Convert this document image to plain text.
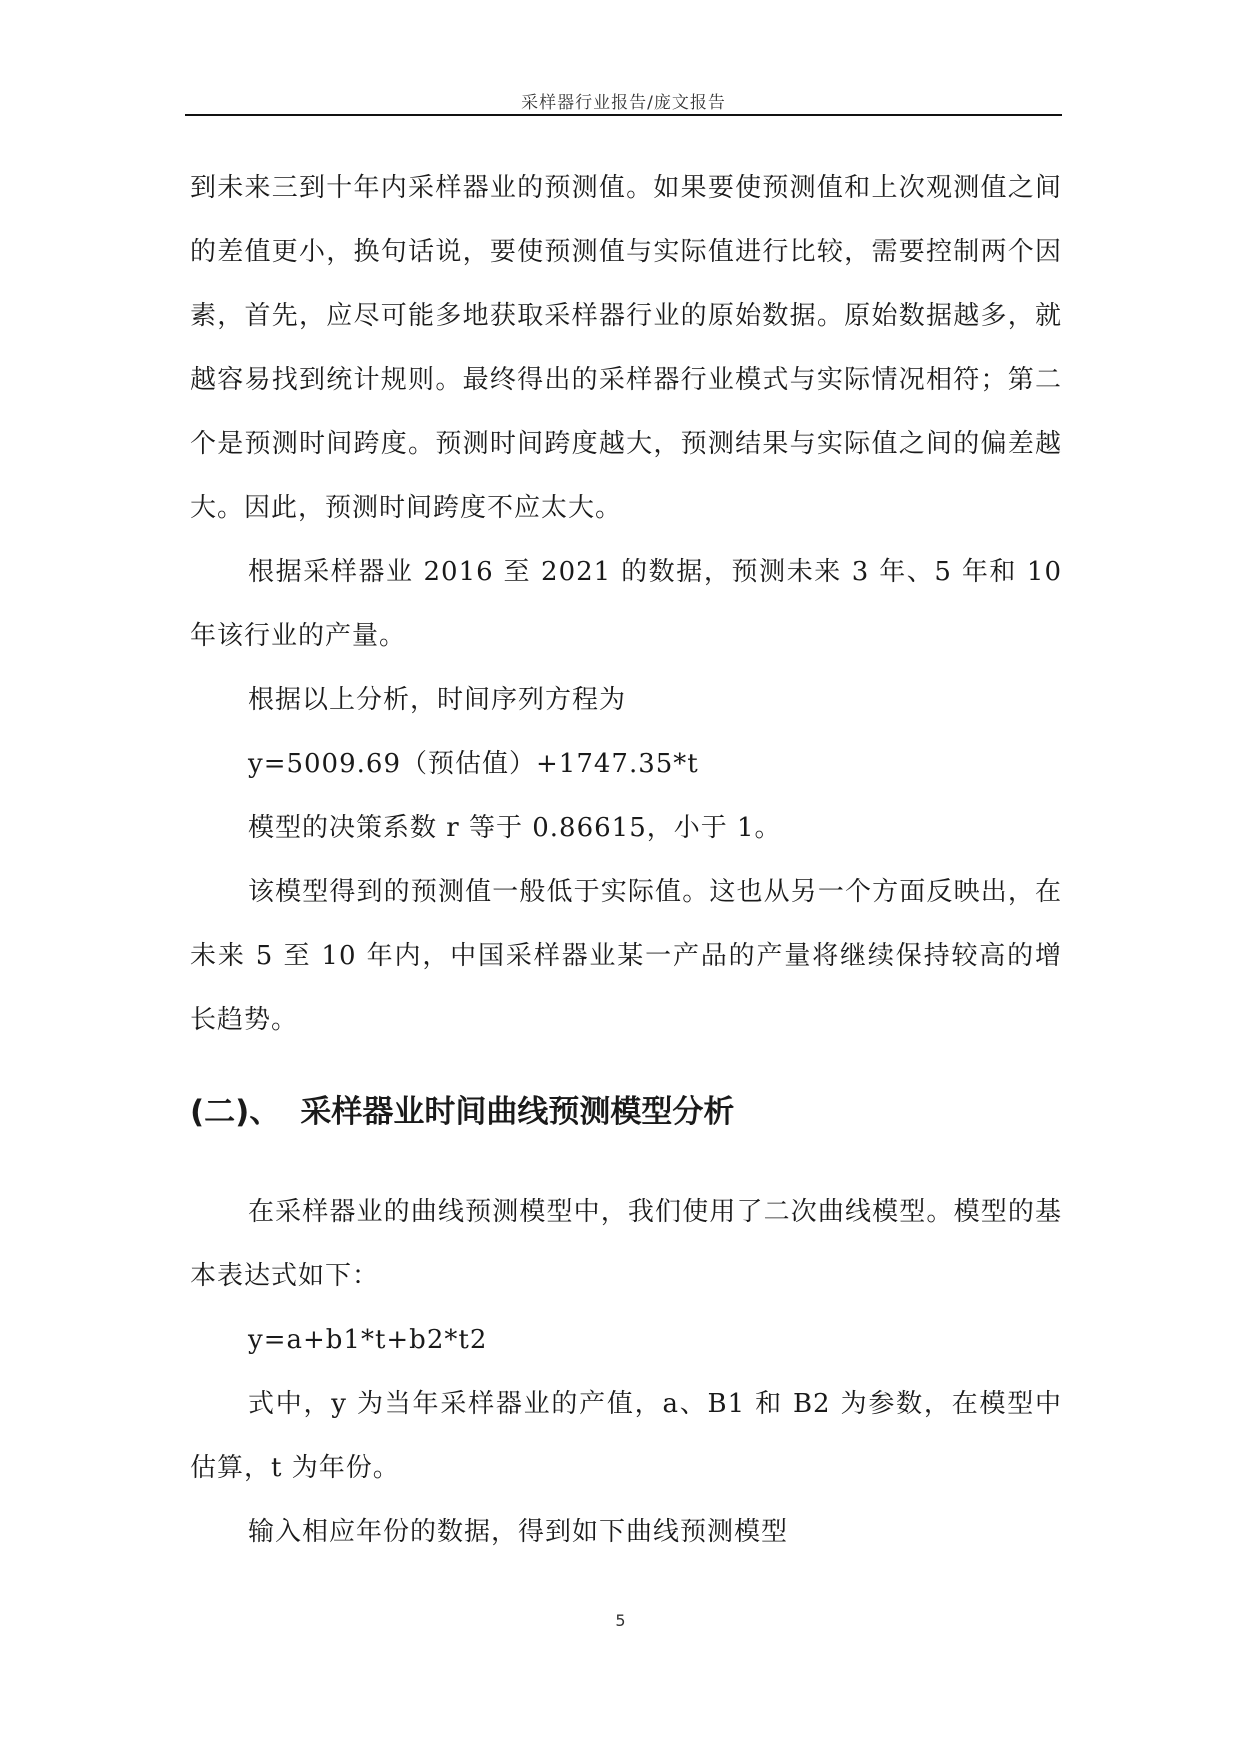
采样器行业报告/庞文报告

到未来三到十年内采样器业的预测值。如果要使预测值和上次观测值之间的差值更小，换句话说，要使预测值与实际值进行比较，需要控制两个因素，首先，应尽可能多地获取采样器行业的原始数据。原始数据越多，就越容易找到统计规则。最终得出的采样器行业模式与实际情况相符；第二个是预测时间跨度。预测时间跨度越大，预测结果与实际值之间的偏差越大。因此，预测时间跨度不应太大。

根据采样器业 2016 至 2021 的数据，预测未来 3 年、5 年和 10 年该行业的产量。

根据以上分析，时间序列方程为

y=5009.69（预估值）+1747.35*t

模型的决策系数 r 等于 0.86615，小于 1。

该模型得到的预测值一般低于实际值。这也从另一个方面反映出，在未来 5 至 10 年内，中国采样器业某一产品的产量将继续保持较高的增长趋势。

(二)、 采样器业时间曲线预测模型分析

在采样器业的曲线预测模型中，我们使用了二次曲线模型。模型的基本表达式如下：

y=a+b1*t+b2*t2

式中，y 为当年采样器业的产值，a、B1 和 B2 为参数，在模型中估算，t 为年份。

输入相应年份的数据，得到如下曲线预测模型

5
